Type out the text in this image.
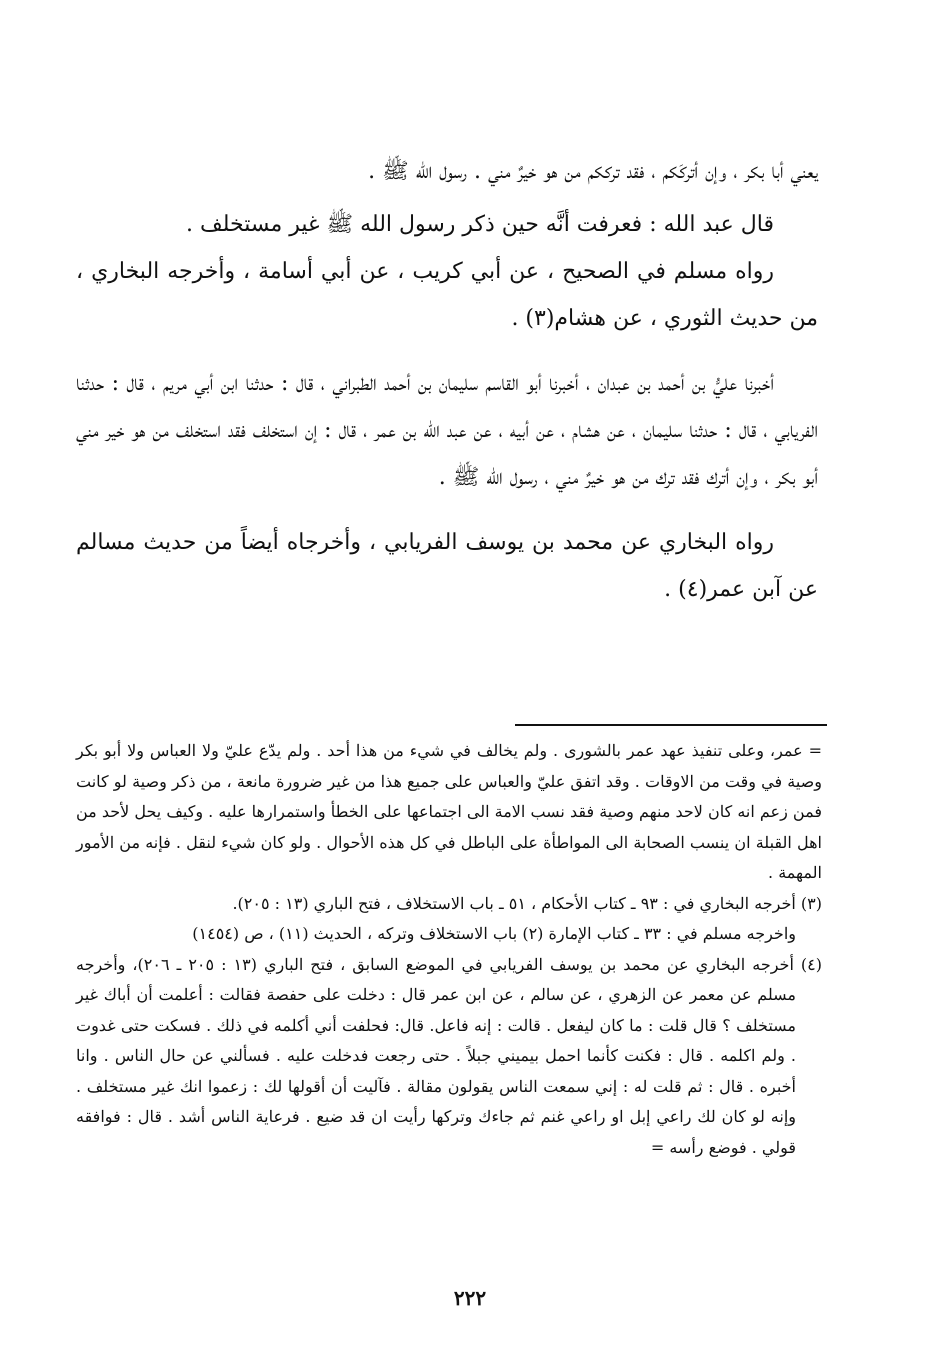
يعني أبا بكر ، وإن أتركَكم ، فقد ترككم من هو خيرٌ مني . رسول الله ﷺ .

قال عبد الله : فعرفت أنَّه حين ذكر رسول الله ﷺ غير مستخلف .

رواه مسلم في الصحيح ، عن أبي كريب ، عن أبي أسامة ، وأخرجه البخاري ، من حديث الثوري ، عن هشام(٣) .

أخبرنا عليُّ بن أحمد بن عبدان ، أخبرنا أبو القاسم سليمان بن أحمد الطبراني ، قال : حدثنا ابن أبي مريم ، قال : حدثنا الفريابي ، قال : حدثنا سليمان ، عن هشام ، عن أبيه ، عن عبد الله بن عمر ، قال : إن استخلف فقد استخلف من هو خير مني أبو بكر ، وإن أترك فقد ترك من هو خيرٌ مني ، رسول الله ﷺ .

رواه البخاري عن محمد بن يوسف الفريابي ، وأخرجاه أيضاً من حديث مسالم عن آبن عمر(٤) .

= عمر، وعلى تنفيذ عهد عمر بالشورى . ولم يخالف في شيء من هذا أحد . ولم يدّع عليّ ولا العباس ولا أبو بكر وصية في وقت من الاوقات . وقد اتفق عليّ والعباس على جميع هذا من غير ضرورة مانعة ، من ذكر وصية لو كانت فمن زعم انه كان لاحد منهم وصية فقد نسب الامة الى اجتماعها على الخطأ واستمرارها عليه . وكيف يحل لأحد من اهل القبلة ان ينسب الصحابة الى المواطأة على الباطل في كل هذه الأحوال . ولو كان شيء لنقل . فإنه من الأمور المهمة .

(٣) أخرجه البخاري في : ٩٣ ـ كتاب الأحكام ، ٥١ ـ باب الاستخلاف ، فتح الباري (١٣ : ٢٠٥).

واخرجه مسلم في : ٣٣ ـ كتاب الإمارة (٢) باب الاستخلاف وتركه ، الحديث (١١) ، ص (١٤٥٤)

(٤) أخرجه البخاري عن محمد بن يوسف الفريابي في الموضع السابق ، فتح الباري (١٣ : ٢٠٥ ـ ٢٠٦)، وأخرجه مسلم عن معمر عن الزهري ، عن سالم ، عن ابن عمر قال : دخلت على حفصة فقالت : أعلمت أن أباك غير مستخلف ؟ قال قلت : ما كان ليفعل . قالت : إنه فاعل. قال: فحلفت أني أكلمه في ذلك . فسكت حتى غدوت . ولم اكلمه . قال : فكنت كأنما احمل بيميني جبلاً . حتى رجعت فدخلت عليه . فسألني عن حال الناس . وانا أخبره . قال : ثم قلت له : إني سمعت الناس يقولون مقالة . فآليت أن أقولها لك : زعموا انك غير مستخلف . وإنه لو كان لك راعي إبل او راعي غنم ثم جاءك وتركها رأيت ان قد ضيع . فرعاية الناس أشد . قال : فوافقه قولي . فوضع رأسه =

٢٢٢
